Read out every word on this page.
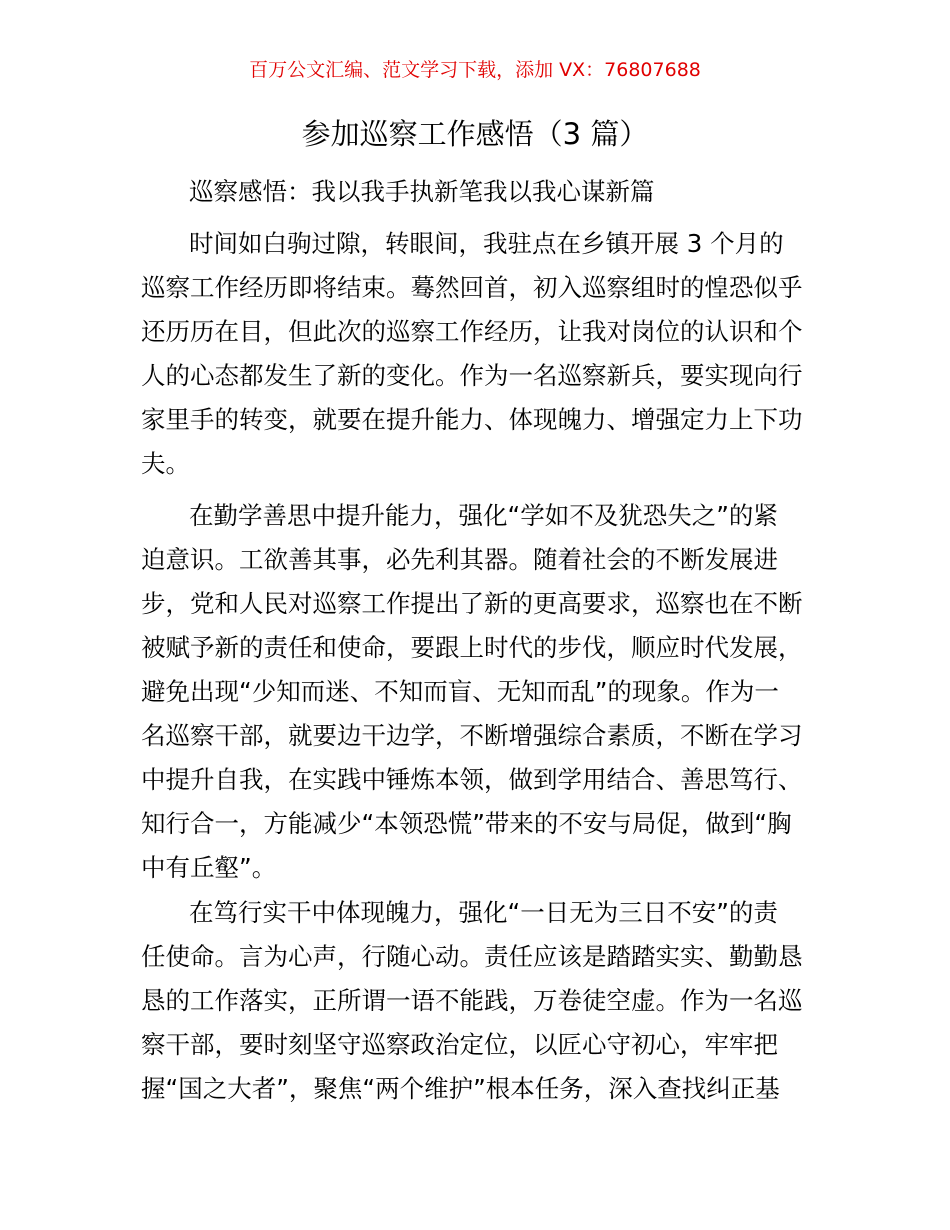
百万公文汇编、范文学习下载，添加 VX：76807688
参加巡察工作感悟（3 篇）
巡察感悟：我以我手执新笔我以我心谋新篇
时间如白驹过隙，转眼间，我驻点在乡镇开展 3 个月的
巡察工作经历即将结束。蓦然回首，初入巡察组时的惶恐似乎
还历历在目，但此次的巡察工作经历，让我对岗位的认识和个
人的心态都发生了新的变化。作为一名巡察新兵，要实现向行
家里手的转变，就要在提升能力、体现魄力、增强定力上下功
夫。
在勤学善思中提升能力，强化“学如不及犹恐失之”的紧
迫意识。工欲善其事，必先利其器。随着社会的不断发展进
步，党和人民对巡察工作提出了新的更高要求，巡察也在不断
被赋予新的责任和使命，要跟上时代的步伐，顺应时代发展，
避免出现“少知而迷、不知而盲、无知而乱”的现象。作为一
名巡察干部，就要边干边学，不断增强综合素质，不断在学习
中提升自我，在实践中锤炼本领，做到学用结合、善思笃行、
知行合一，方能减少“本领恐慌”带来的不安与局促，做到“胸
中有丘壑”。
在笃行实干中体现魄力，强化“一日无为三日不安”的责
任使命。言为心声，行随心动。责任应该是踏踏实实、勤勤恳
恳的工作落实，正所谓一语不能践，万卷徒空虚。作为一名巡
察干部，要时刻坚守巡察政治定位，以匠心守初心，牢牢把
握“国之大者”，聚焦“两个维护”根本任务，深入查找纠正基
